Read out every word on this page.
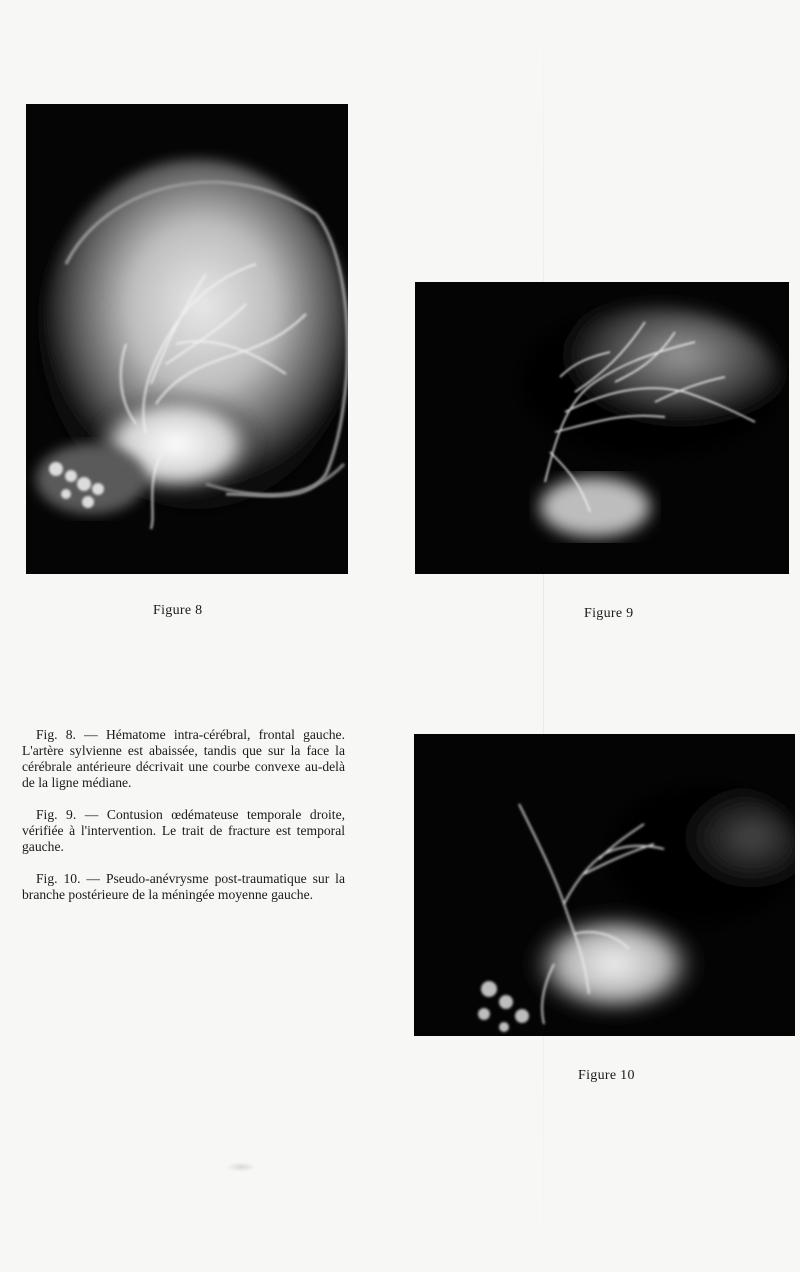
Figure 8	Figure 9
Figure 10

Fig. 8. — Hématome intra-cérébral, frontal gauche. L'artère sylvienne est abaissée, tandis que sur la face la cérébrale antérieure décrivait une courbe convexe au-delà de la ligne médiane.

Fig. 9. — Contusion œdémateuse temporale droite, vérifiée à l'intervention. Le trait de fracture est temporal gauche.

Fig. 10. — Pseudo-anévrysme post-traumatique sur la branche postérieure de la méningée moyenne gauche.
